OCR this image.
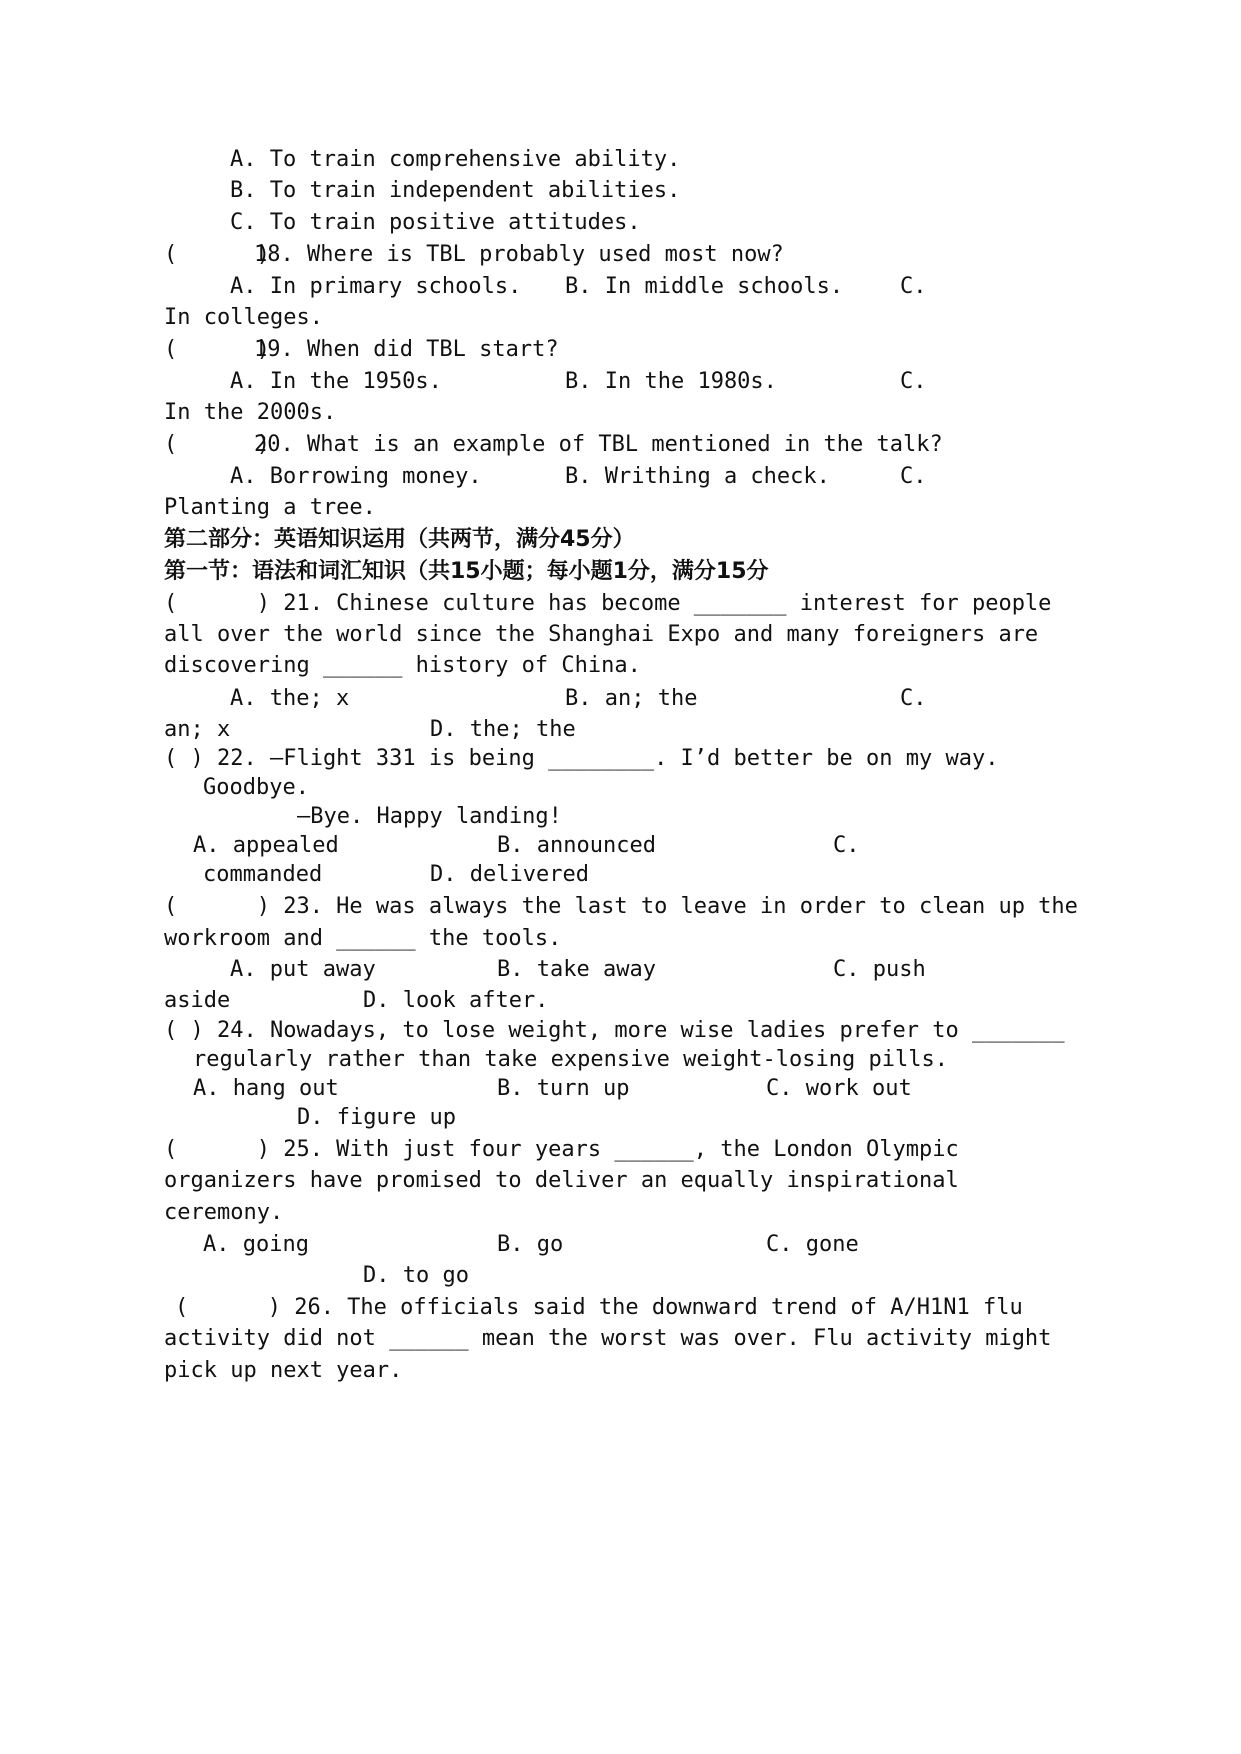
A. To train comprehensive ability.
B. To train independent abilities.
C. To train positive attitudes.
(      )
18. Where is TBL probably used most now?
A. In primary schools. B. In middle schools.	C.
In colleges.
(      )
19. When did TBL start?
A. In the 1950s.	B. In the 1980s.	C.
In the 2000s.
(      )
20. What is an example of TBL mentioned in the talk?
A. Borrowing money.	B. Writhing a check.	C.
Planting a tree.
第二部分：英语知识运用（共两节，满分45分）
第一节：语法和词汇知识（共15小题；每小题1分，满分15分
(      ) 21. Chinese culture has become _______ interest for people
all over the world since the Shanghai Expo and many foreigners are
discovering ______ history of China.
A. the; x	B. an; the	C.
an; x	D. the; the
( ) 22. —Flight 331 is being ________. I’d better be on my way.
Goodbye.
—Bye. Happy landing!
A. appealed	B. announced	C.
commanded	D. delivered
(      ) 23. He was always the last to leave in order to clean up the
workroom and ______ the tools.
A. put away	B. take away	C. push
aside	D. look after.
( ) 24. Nowadays, to lose weight, more wise ladies prefer to _______
regularly rather than take expensive weight-losing pills.
A. hang out	B. turn up	C. work out
D. figure up
(      ) 25. With just four years ______, the London Olympic
organizers have promised to deliver an equally inspirational
ceremony.
A. going	B. go	C. gone
D. to go
(      ) 26. The officials said the downward trend of A/H1N1 flu
activity did not ______ mean the worst was over. Flu activity might
pick up next year.
